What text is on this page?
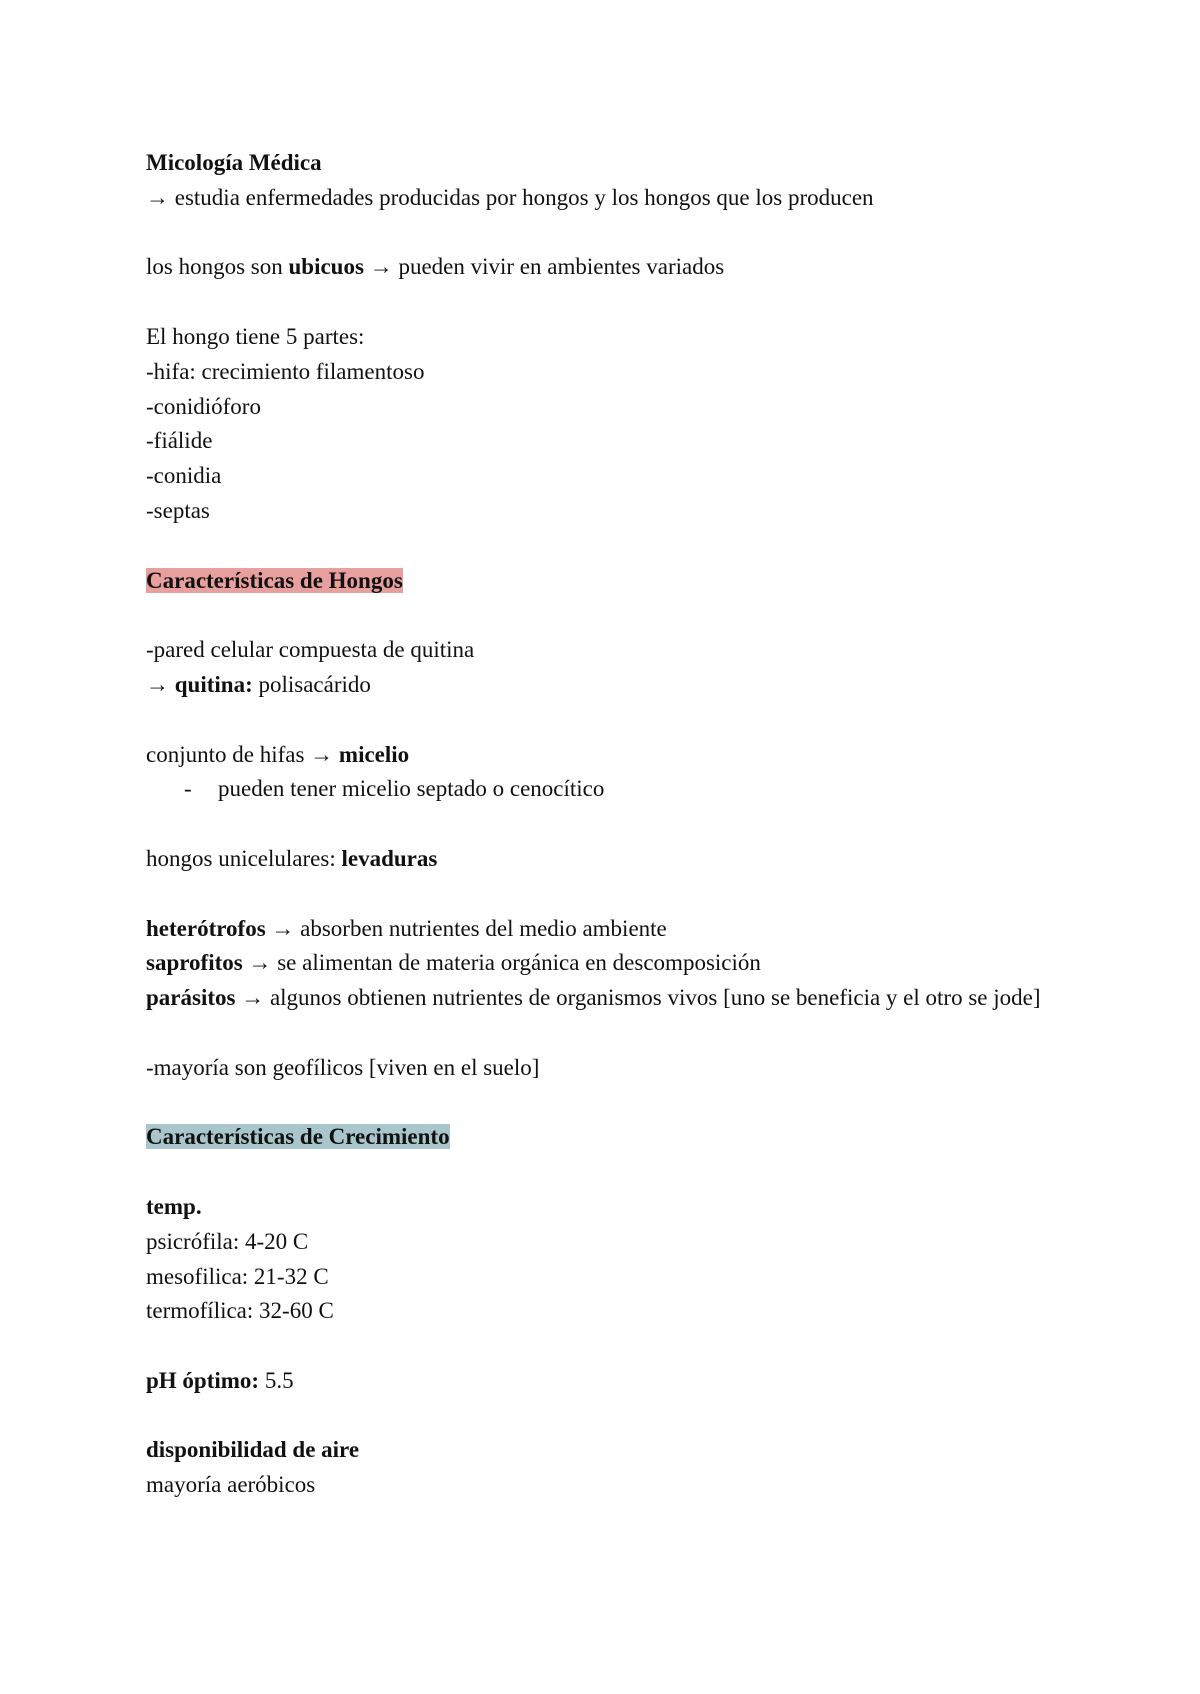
Micología Médica
→ estudia enfermedades producidas por hongos y los hongos que los producen
los hongos son ubicuos → pueden vivir en ambientes variados
El hongo tiene 5 partes:
-hifa: crecimiento filamentoso
-conidióforo
-fiálide
-conidia
-septas
Características de Hongos
-pared celular compuesta de quitina
→ quitina: polisacárido
conjunto de hifas → micelio
- pueden tener micelio septado o cenocítico
hongos unicelulares: levaduras
heterótrofos → absorben nutrientes del medio ambiente
saprofitos → se alimentan de materia orgánica en descomposición
parásitos → algunos obtienen nutrientes de organismos vivos [uno se beneficia y el otro se jode]
-mayoría son geofílicos [viven en el suelo]
Características de Crecimiento
temp.
psicrófila: 4-20 C
mesofilica: 21-32 C
termofílica: 32-60 C
pH óptimo: 5.5
disponibilidad de aire
mayoría aeróbicos
